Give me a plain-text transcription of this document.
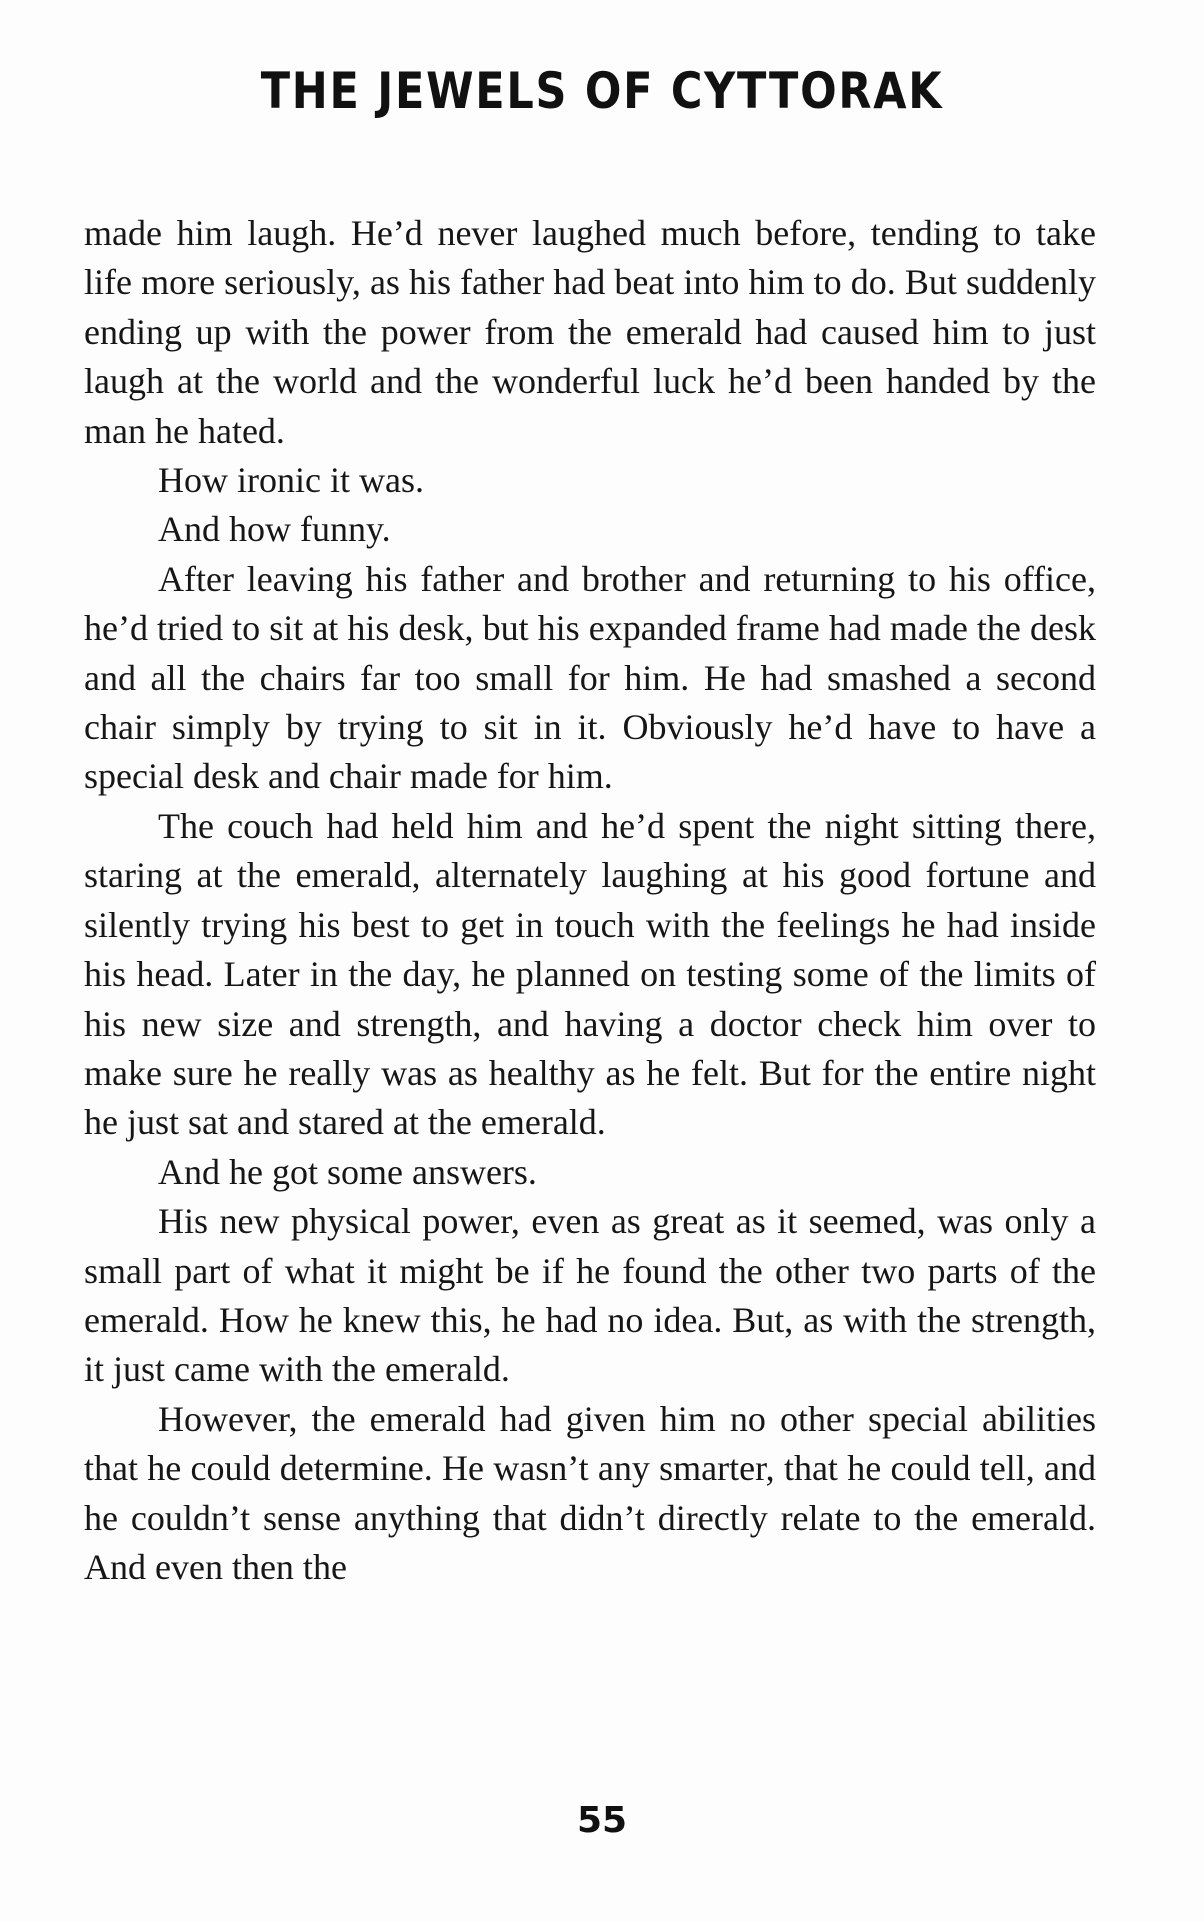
THE JEWELS OF CYTTORAK

made him laugh. He’d never laughed much before, tending to take life more seriously, as his father had beat into him to do. But suddenly ending up with the power from the emerald had caused him to just laugh at the world and the wonderful luck he’d been handed by the man he hated.

How ironic it was.

And how funny.

After leaving his father and brother and returning to his office, he’d tried to sit at his desk, but his expanded frame had made the desk and all the chairs far too small for him. He had smashed a second chair simply by trying to sit in it. Obviously he’d have to have a special desk and chair made for him.

The couch had held him and he’d spent the night sitting there, staring at the emerald, alternately laughing at his good fortune and silently trying his best to get in touch with the feelings he had inside his head. Later in the day, he planned on testing some of the limits of his new size and strength, and having a doctor check him over to make sure he really was as healthy as he felt. But for the entire night he just sat and stared at the emerald.

And he got some answers.

His new physical power, even as great as it seemed, was only a small part of what it might be if he found the other two parts of the emerald. How he knew this, he had no idea. But, as with the strength, it just came with the emerald.

However, the emerald had given him no other special abilities that he could determine. He wasn’t any smarter, that he could tell, and he couldn’t sense anything that didn’t directly relate to the emerald. And even then the

55
